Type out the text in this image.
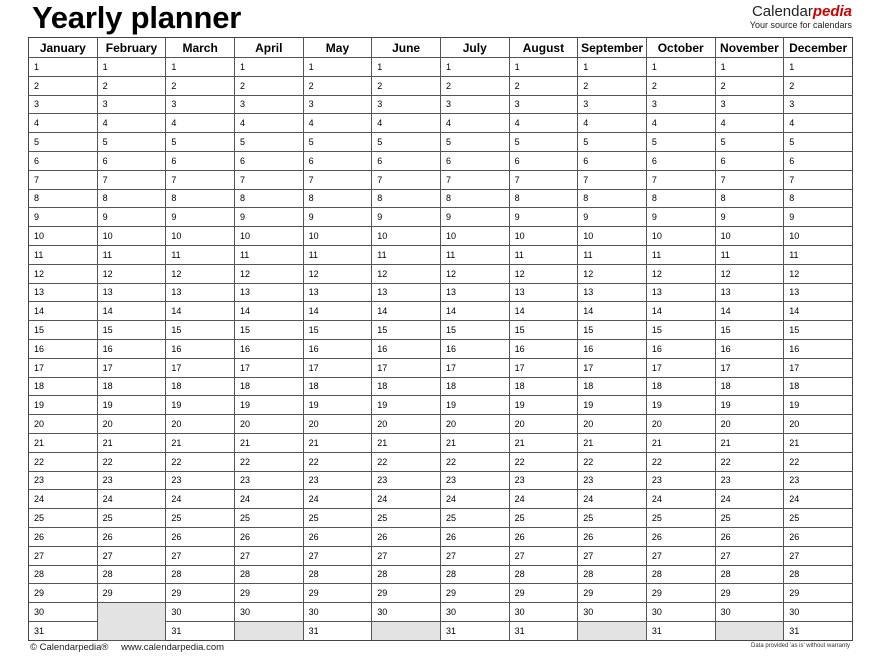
Yearly planner	Calendarpedia
Your source for calendars
January	February	March	April	May	June	July	August	September	October	November	December
1	1	1	1	1	1	1	1	1	1	1	1
2	2	2	2	2	2	2	2	2	2	2	2
3	3	3	3	3	3	3	3	3	3	3	3
4	4	4	4	4	4	4	4	4	4	4	4
5	5	5	5	5	5	5	5	5	5	5	5
6	6	6	6	6	6	6	6	6	6	6	6
7	7	7	7	7	7	7	7	7	7	7	7
8	8	8	8	8	8	8	8	8	8	8	8
9	9	9	9	9	9	9	9	9	9	9	9
10	10	10	10	10	10	10	10	10	10	10	10
11	11	11	11	11	11	11	11	11	11	11	11
12	12	12	12	12	12	12	12	12	12	12	12
13	13	13	13	13	13	13	13	13	13	13	13
14	14	14	14	14	14	14	14	14	14	14	14
15	15	15	15	15	15	15	15	15	15	15	15
16	16	16	16	16	16	16	16	16	16	16	16
17	17	17	17	17	17	17	17	17	17	17	17
18	18	18	18	18	18	18	18	18	18	18	18
19	19	19	19	19	19	19	19	19	19	19	19
20	20	20	20	20	20	20	20	20	20	20	20
21	21	21	21	21	21	21	21	21	21	21	21
22	22	22	22	22	22	22	22	22	22	22	22
23	23	23	23	23	23	23	23	23	23	23	23
24	24	24	24	24	24	24	24	24	24	24	24
25	25	25	25	25	25	25	25	25	25	25	25
26	26	26	26	26	26	26	26	26	26	26	26
27	27	27	27	27	27	27	27	27	27	27	27
28	28	28	28	28	28	28	28	28	28	28	28
29	29	29	29	29	29	29	29	29	29	29	29
30		30	30	30	30	30	30	30	30	30	30
31		31		31		31	31		31		31
© Calendarpedia® www.calendarpedia.com	Data provided 'as is' without warranty
